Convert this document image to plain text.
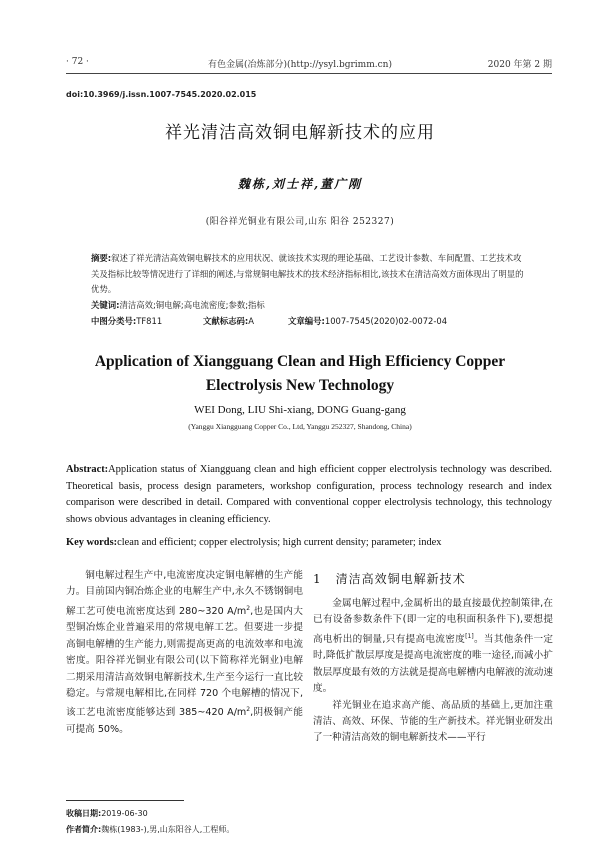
· 72 ·	有色金属(冶炼部分)(http://ysyl.bgrimm.cn)	2020 年第 2 期
doi:10.3969/j.issn.1007-7545.2020.02.015
祥光清洁高效铜电解新技术的应用
魏栋,刘士祥,董广刚
(阳谷祥光铜业有限公司,山东 阳谷 252327)
摘要:叙述了祥光清洁高效铜电解技术的应用状况、就该技术实现的理论基础、工艺设计参数、车间配置、工艺技术攻关及指标比较等情况进行了详细的阐述,与常规铜电解技术的技术经济指标相比,该技术在清洁高效方面体现出了明显的优势。
关键词:清洁高效;铜电解;高电流密度;参数;指标
中图分类号:TF811	文献标志码:A	文章编号:1007-7545(2020)02-0072-04
Application of Xiangguang Clean and High Efficiency Copper
Electrolysis New Technology
WEI Dong, LIU Shi-xiang, DONG Guang-gang
(Yanggu Xiangguang Copper Co., Ltd, Yanggu 252327, Shandong, China)
Abstract:Application status of Xiangguang clean and high efficient copper electrolysis technology was described. Theoretical basis, process design parameters, workshop configuration, process technology research and index comparison were described in detail. Compared with conventional copper electrolysis technology, this technology shows obvious advantages in cleaning efficiency.
Key words:clean and efficient; copper electrolysis; high current density; parameter; index
铜电解过程生产中,电流密度决定铜电解槽的生产能力。目前国内铜冶炼企业的电解生产中,永久不锈钢铜电解工艺可使电流密度达到 280~320 $A/m^2$,也是国内大型铜冶炼企业普遍采用的常规电解工艺。但要进一步提高铜电解槽的生产能力,则需提高更高的电流效率和电流密度。阳谷祥光铜业有限公司(以下简称祥光铜业)电解二期采用清洁高效铜电解新技术,生产至今运行一直比较稳定。与常规电解相比,在同样 720 个电解槽的情况下,该工艺电流密度能够达到 385~420 $A/m^2$,阴极铜产能可提高 50%。
1 清洁高效铜电解新技术

金属电解过程中,金属析出的最直接最优控制策律,在已有设备参数条件下(即一定的电积面积条件下),要想提高电析出的铜量,只有提高电流密度[1]。当其他条件一定时,降低扩散层厚度是提高电流密度的唯一途径,而减小扩散层厚度最有效的方法就是提高电解槽内电解液的流动速度。

祥光铜业在追求高产能、高品质的基础上,更加注重清洁、高效、环保、节能的生产新技术。祥光铜业研发出了一种清洁高效的铜电解新技术——平行

收稿日期:2019-06-30
作者简介:魏栋(1983-),男,山东阳谷人,工程师。
